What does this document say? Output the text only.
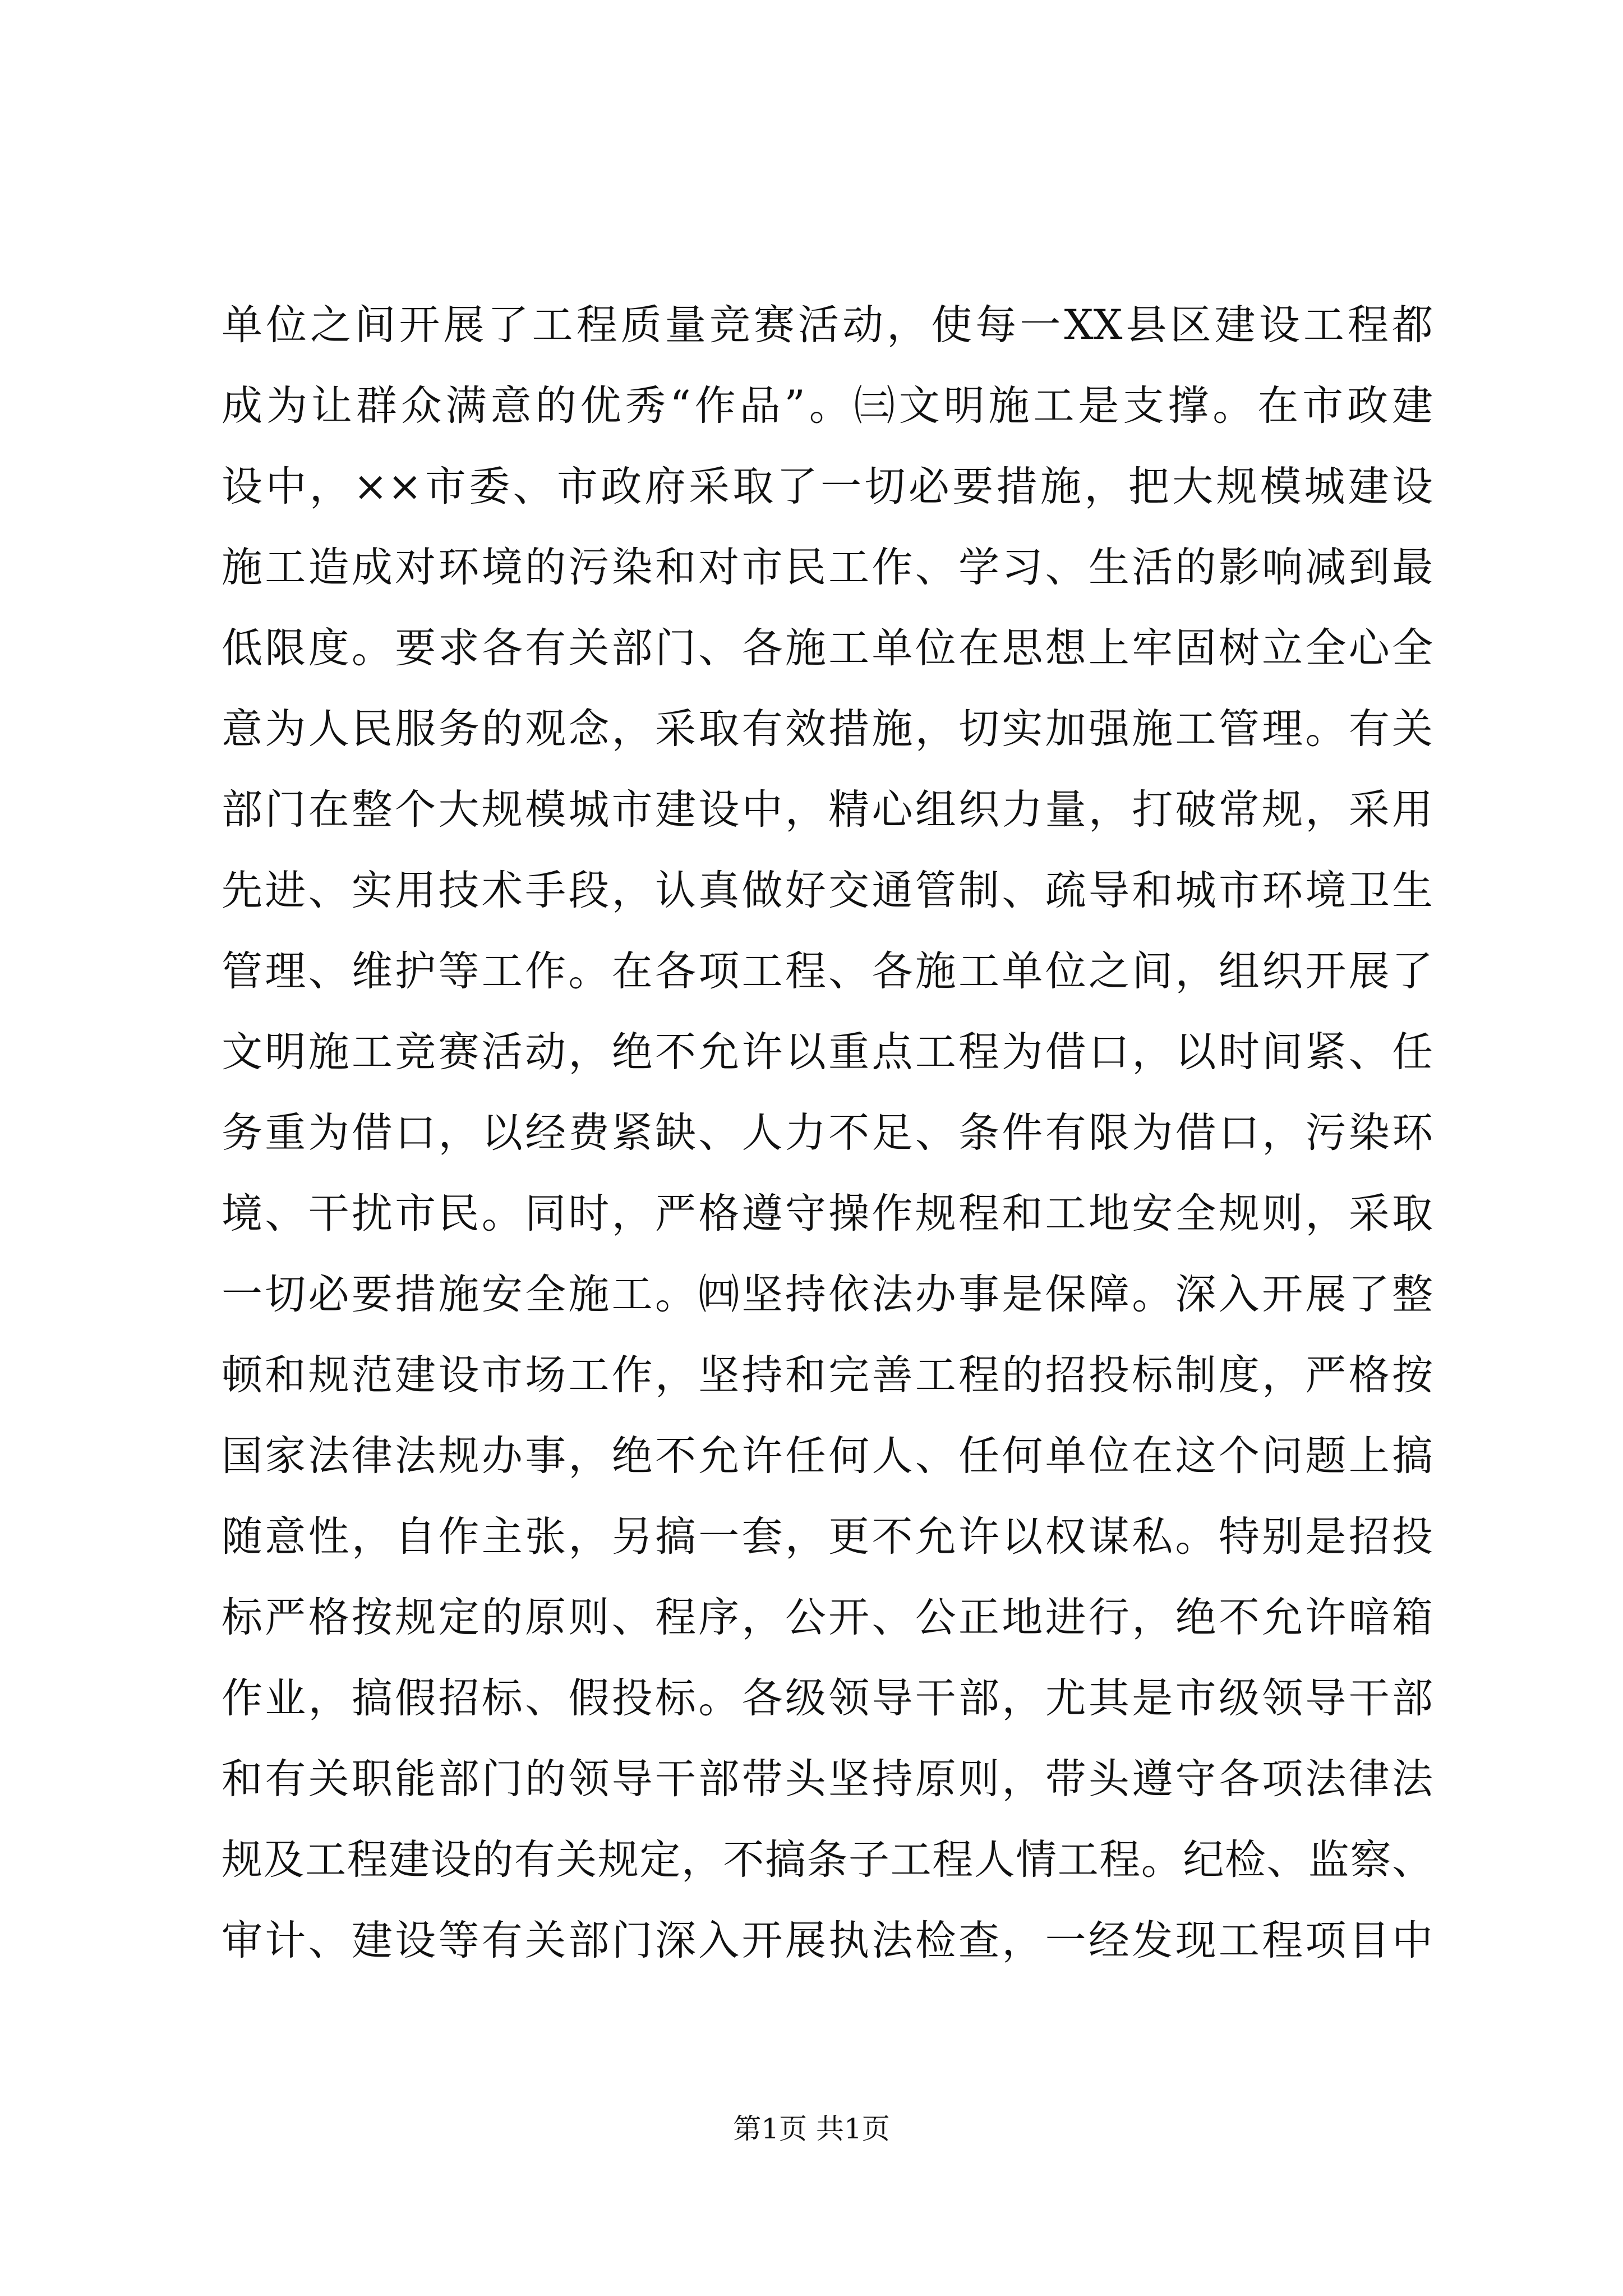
单位之间开展了工程质量竞赛活动，使每一XX县区建设工程都
成为让群众满意的优秀“作品”。㈢文明施工是支撑。在市政建
设中，××市委、市政府采取了一切必要措施，把大规模城建设
施工造成对环境的污染和对市民工作、学习、生活的影响减到最
低限度。要求各有关部门、各施工单位在思想上牢固树立全心全
意为人民服务的观念，采取有效措施，切实加强施工管理。有关
部门在整个大规模城市建设中，精心组织力量，打破常规，采用
先进、实用技术手段，认真做好交通管制、疏导和城市环境卫生
管理、维护等工作。在各项工程、各施工单位之间，组织开展了
文明施工竞赛活动，绝不允许以重点工程为借口，以时间紧、任
务重为借口，以经费紧缺、人力不足、条件有限为借口，污染环
境、干扰市民。同时，严格遵守操作规程和工地安全规则，采取
一切必要措施安全施工。㈣坚持依法办事是保障。深入开展了整
顿和规范建设市场工作，坚持和完善工程的招投标制度，严格按
国家法律法规办事，绝不允许任何人、任何单位在这个问题上搞
随意性，自作主张，另搞一套，更不允许以权谋私。特别是招投
标严格按规定的原则、程序，公开、公正地进行，绝不允许暗箱
作业，搞假招标、假投标。各级领导干部，尤其是市级领导干部
和有关职能部门的领导干部带头坚持原则，带头遵守各项法律法
规及工程建设的有关规定，不搞条子工程人情工程。纪检、监察、
审计、建设等有关部门深入开展执法检查，一经发现工程项目中
第1页 共1页
